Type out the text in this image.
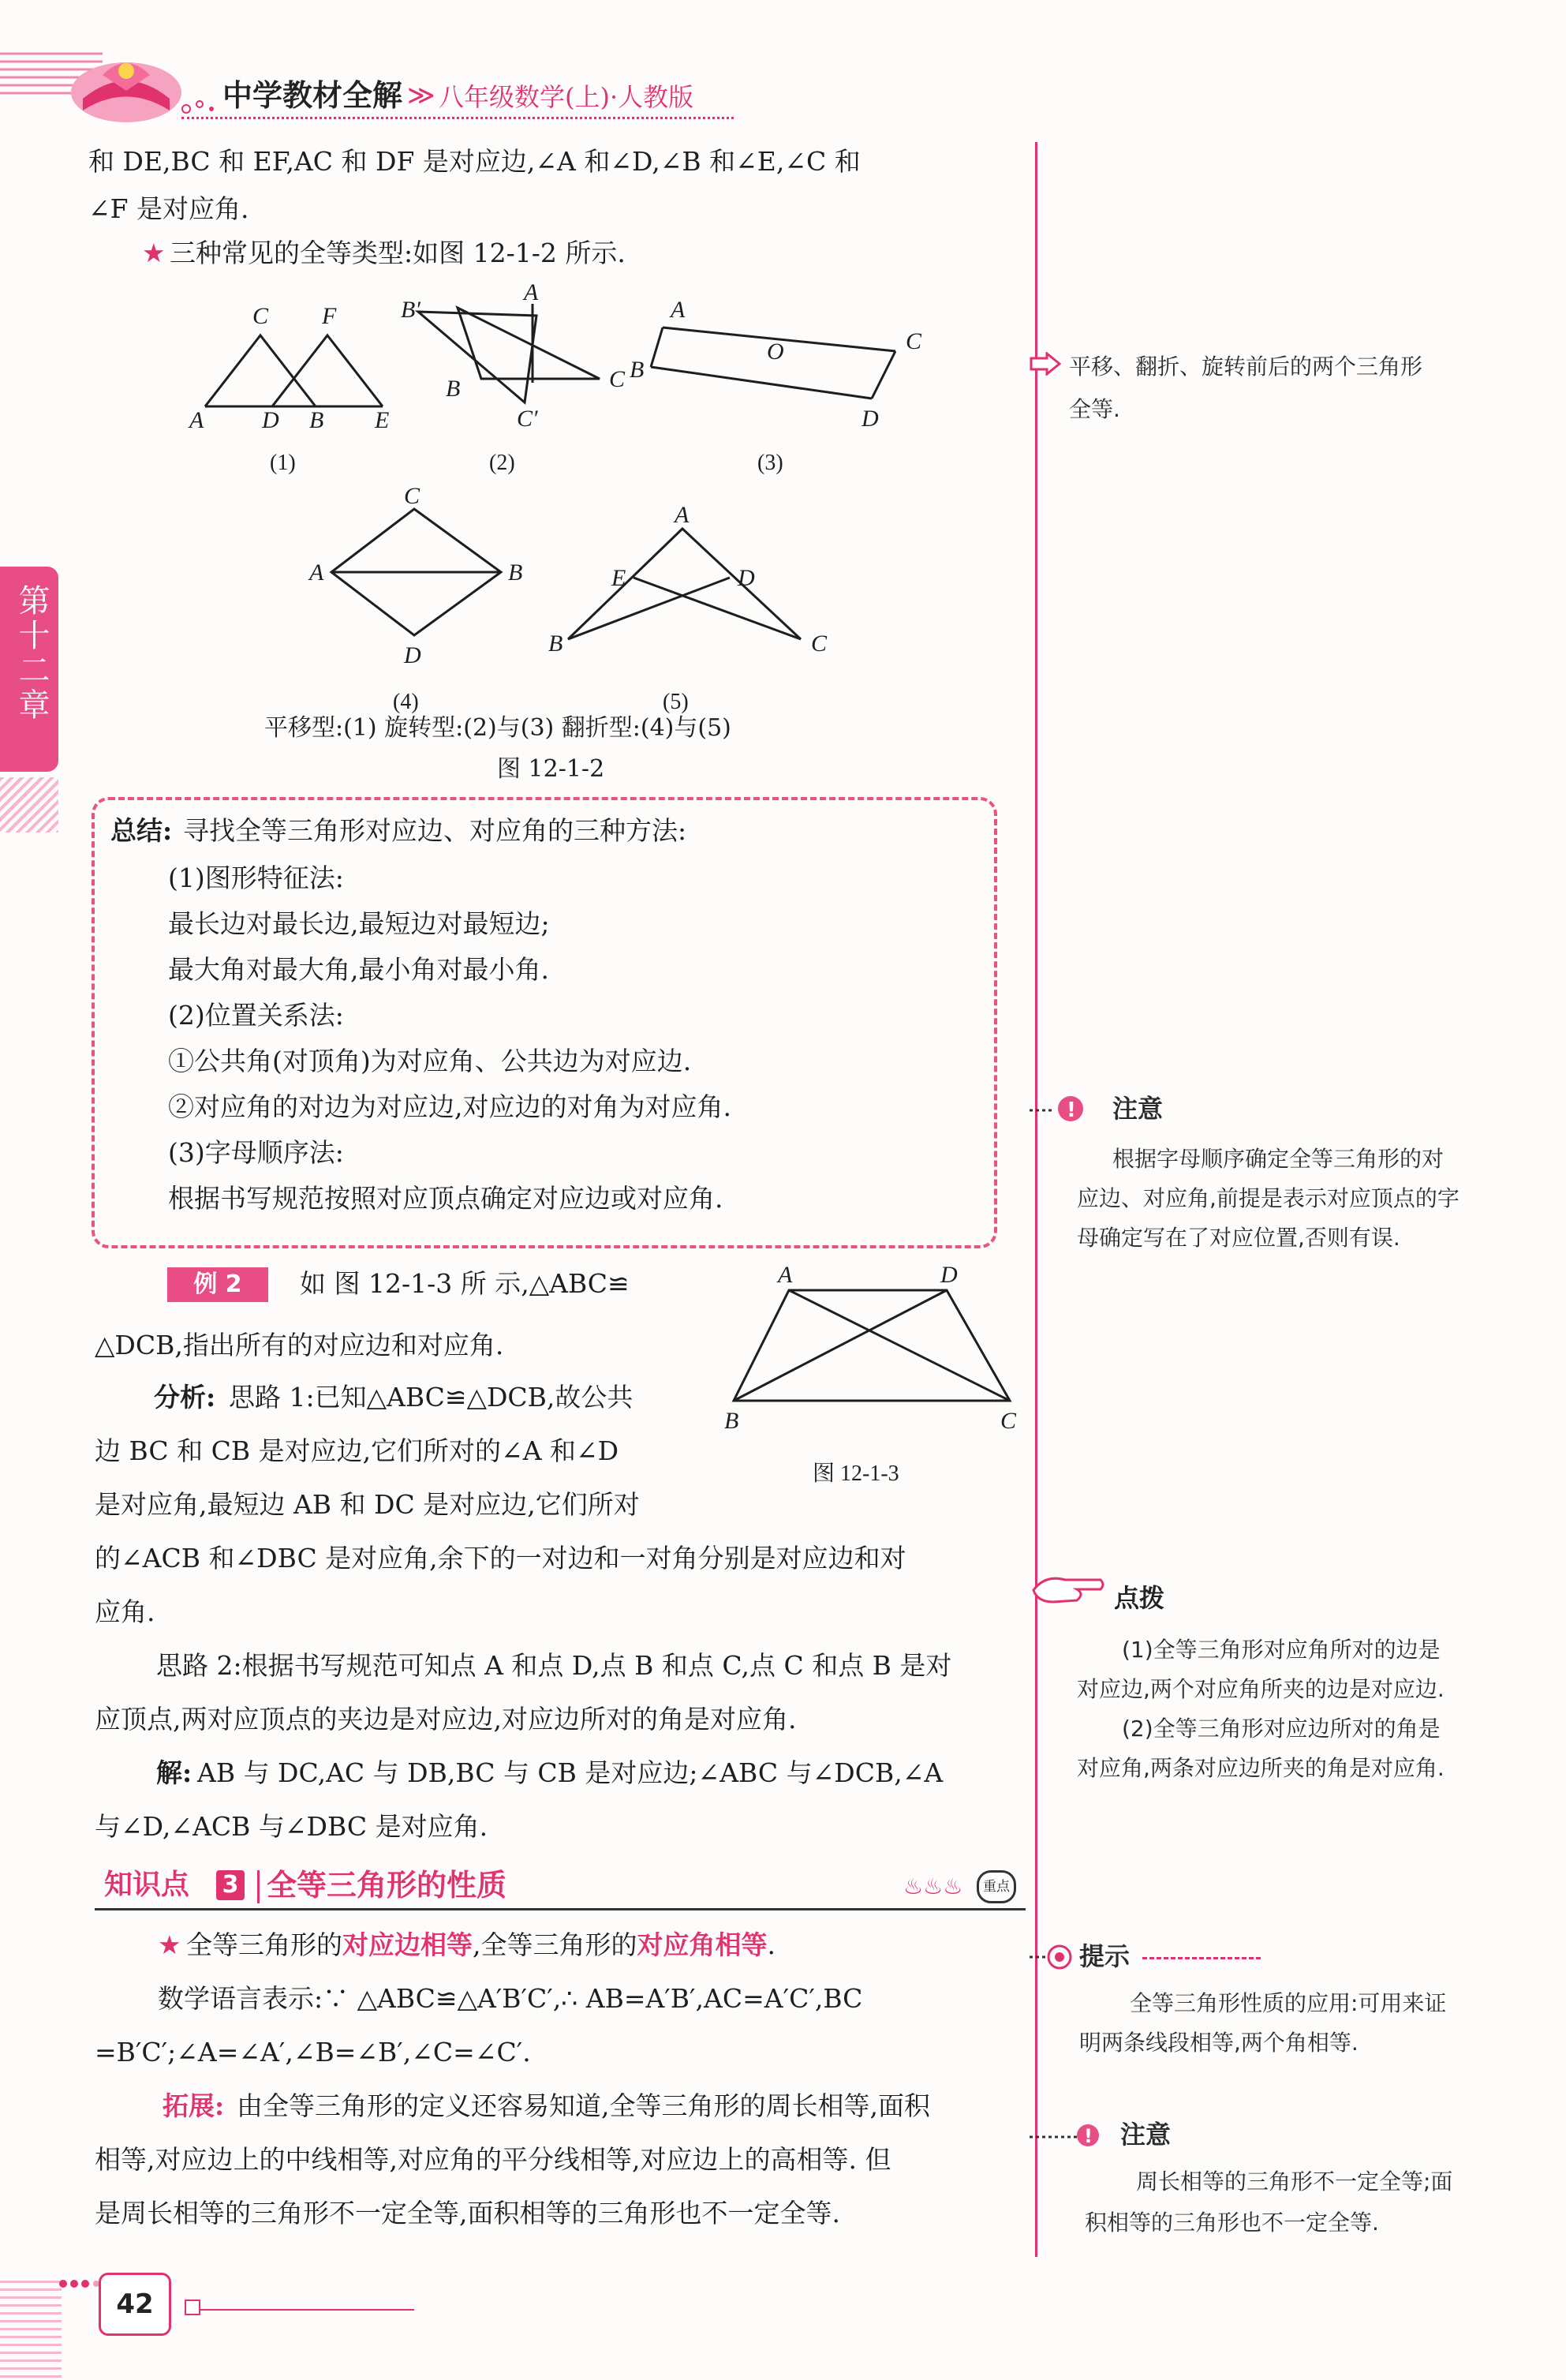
中学教材全解 ≫ 八年级数学(上)·人教版
第十二章
和 DE,BC 和 EF,AC 和 DF 是对应边,∠A 和∠D,∠B 和∠E,∠C 和
∠F 是对应角.
★ 三种常见的全等类型:如图 12-1-2 所示.
C F
A D B E
(1)
B′
A
B	C
C′
(2)
A
O	C
B
D
(3)
C
A	B
D
(4)
A
E	D
B	C
(5)
平移型:(1) 旋转型:(2)与(3) 翻折型:(4)与(5)
图 12-1-2
总结: 寻找全等三角形对应边、对应角的三种方法:
(1)图形特征法:
最长边对最长边,最短边对最短边;
最大角对最大角,最小角对最小角.
(2)位置关系法:
①公共角(对顶角)为对应角、公共边为对应边.
②对应角的对边为对应边,对应边的对角为对应角.
(3)字母顺序法:
根据书写规范按照对应顶点确定对应边或对应角.
例 2	如 图 12-1-3 所 示,△ABC≌
△DCB,指出所有的对应边和对应角.
分析: 思路 1:已知△ABC≌△DCB,故公共
边 BC 和 CB 是对应边,它们所对的∠A 和∠D
是对应角,最短边 AB 和 DC 是对应边,它们所对
的∠ACB 和∠DBC 是对应角,余下的一对边和一对角分别是对应边和对
应角.
思路 2:根据书写规范可知点 A 和点 D,点 B 和点 C,点 C 和点 B 是对
应顶点,两对应顶点的夹边是对应边,对应边所对的角是对应角.
解: AB 与 DC,AC 与 DB,BC 与 CB 是对应边;∠ABC 与∠DCB,∠A
与∠D,∠ACB 与∠DBC 是对应角.
A	D
B	C
图 12-1-3
知识点 3 全等三角形的性质	♨♨♨ 重点
★ 全等三角形的对应边相等,全等三角形的对应角相等.
数学语言表示:∵ △ABC≌△A′B′C′,∴ AB=A′B′,AC=A′C′,BC
=B′C′;∠A=∠A′,∠B=∠B′,∠C=∠C′.
拓展: 由全等三角形的定义还容易知道,全等三角形的周长相等,面积
相等,对应边上的中线相等,对应角的平分线相等,对应边上的高相等. 但
是周长相等的三角形不一定全等,面积相等的三角形也不一定全等.
平移、翻折、旋转前后的两个三角形
全等.
! 注意
根据字母顺序确定全等三角形的对
应边、对应角,前提是表示对应顶点的字
母确定写在了对应位置,否则有误.
点拨
(1)全等三角形对应角所对的边是
对应边,两个对应角所夹的边是对应边.
(2)全等三角形对应边所对的角是
对应角,两条对应边所夹的角是对应角.
提示
全等三角形性质的应用:可用来证
明两条线段相等,两个角相等.
! 注意
周长相等的三角形不一定全等;面
积相等的三角形也不一定全等.
42
